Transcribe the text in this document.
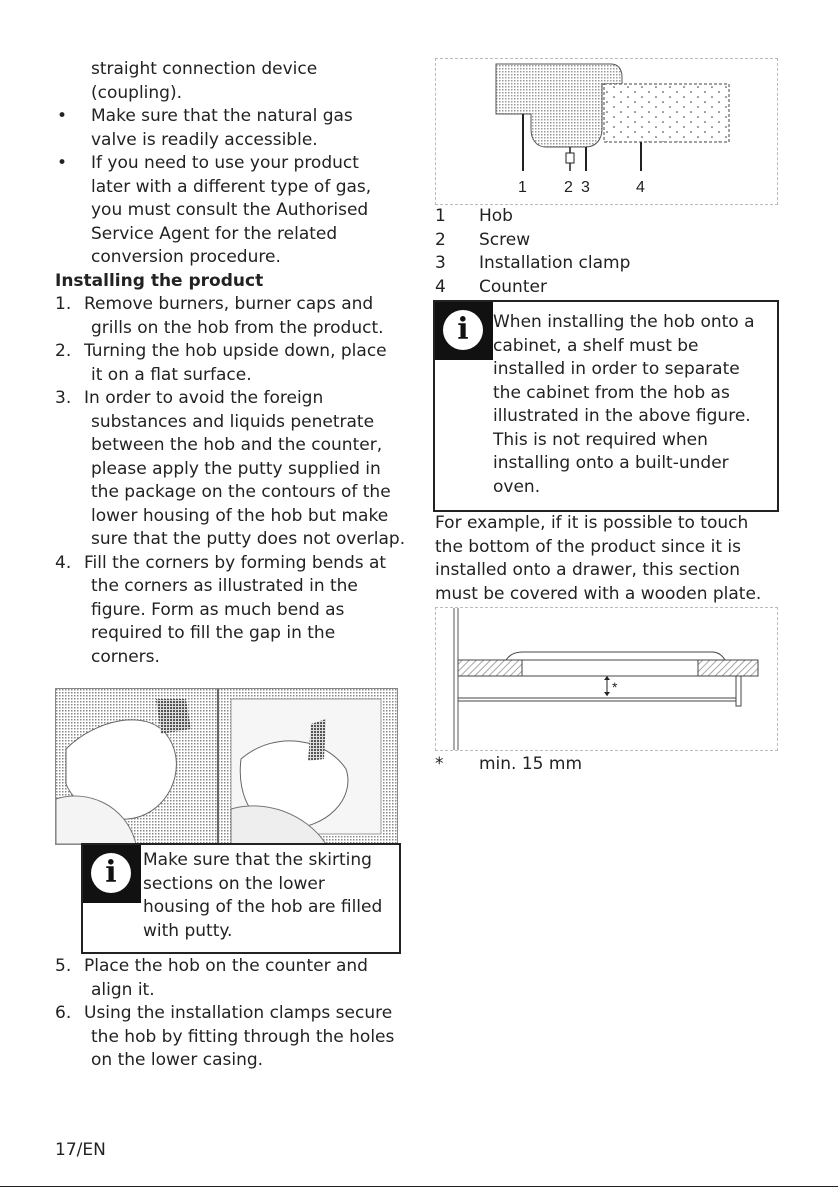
straight connection device
(coupling).
• Make sure that the natural gas
valve is readily accessible.
• If you need to use your product
later with a different type of gas,
you must consult the Authorised
Service Agent for the related
conversion procedure.
Installing the product
1. Remove burners, burner caps and
grills on the hob from the product.
2. Turning the hob upside down, place
it on a flat surface.
3. In order to avoid the foreign
substances and liquids penetrate
between the hob and the counter,
please apply the putty supplied in
the package on the contours of the
lower housing of the hob but make
sure that the putty does not overlap.
4. Fill the corners by forming bends at
the corners as illustrated in the
figure. Form as much bend as
required to fill the gap in the
corners.
i	Make sure that the skirting
sections on the lower
housing of the hob are filled
with putty.
5. Place the hob on the counter and
align it.
6. Using the installation clamps secure
the hob by fitting through the holes
on the lower casing.
1 2 3	4
1 Hob
2 Screw
3 Installation clamp
4 Counter
i	When installing the hob onto a
cabinet, a shelf must be
installed in order to separate
the cabinet from the hob as
illustrated in the above figure.
This is not required when
installing onto a built-under
oven.
For example, if it is possible to touch
the bottom of the product since it is
installed onto a drawer, this section
must be covered with a wooden plate.
*
* min. 15 mm
17/EN
